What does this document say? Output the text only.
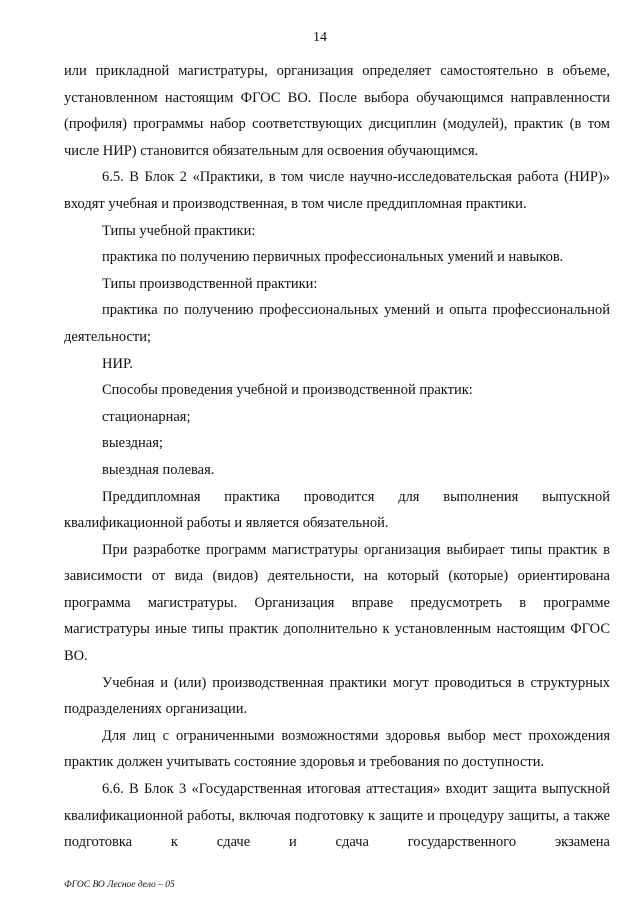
14

или прикладной магистратуры, организация определяет самостоятельно в объеме, установленном настоящим ФГОС ВО. После выбора обучающимся направленности (профиля) программы набор соответствующих дисциплин (модулей), практик (в том числе НИР) становится обязательным для освоения обучающимся.

6.5. В Блок 2 «Практики, в том числе научно-исследовательская работа (НИР)» входят учебная и производственная, в том числе преддипломная практики.

Типы учебной практики:

практика по получению первичных профессиональных умений и навыков.

Типы производственной практики:

практика по получению профессиональных умений и опыта профессиональной деятельности;

НИР.

Способы проведения учебной и производственной практик:

стационарная;

выездная;

выездная полевая.

Преддипломная практика проводится для выполнения выпускной квалификационной работы и является обязательной.

При разработке программ магистратуры организация выбирает типы практик в зависимости от вида (видов) деятельности, на который (которые) ориентирована программа магистратуры. Организация вправе предусмотреть в программе магистратуры иные типы практик дополнительно к установленным настоящим ФГОС ВО.

Учебная и (или) производственная практики могут проводиться в структурных подразделениях организации.

Для лиц с ограниченными возможностями здоровья выбор мест прохождения практик должен учитывать состояние здоровья и требования по доступности.

6.6. В Блок 3 «Государственная итоговая аттестация» входит защита выпускной квалификационной работы, включая подготовку к защите и процедуру защиты, а также подготовка к сдаче и сдача государственного экзамена

ФГОС ВО Лесное дело – 05
